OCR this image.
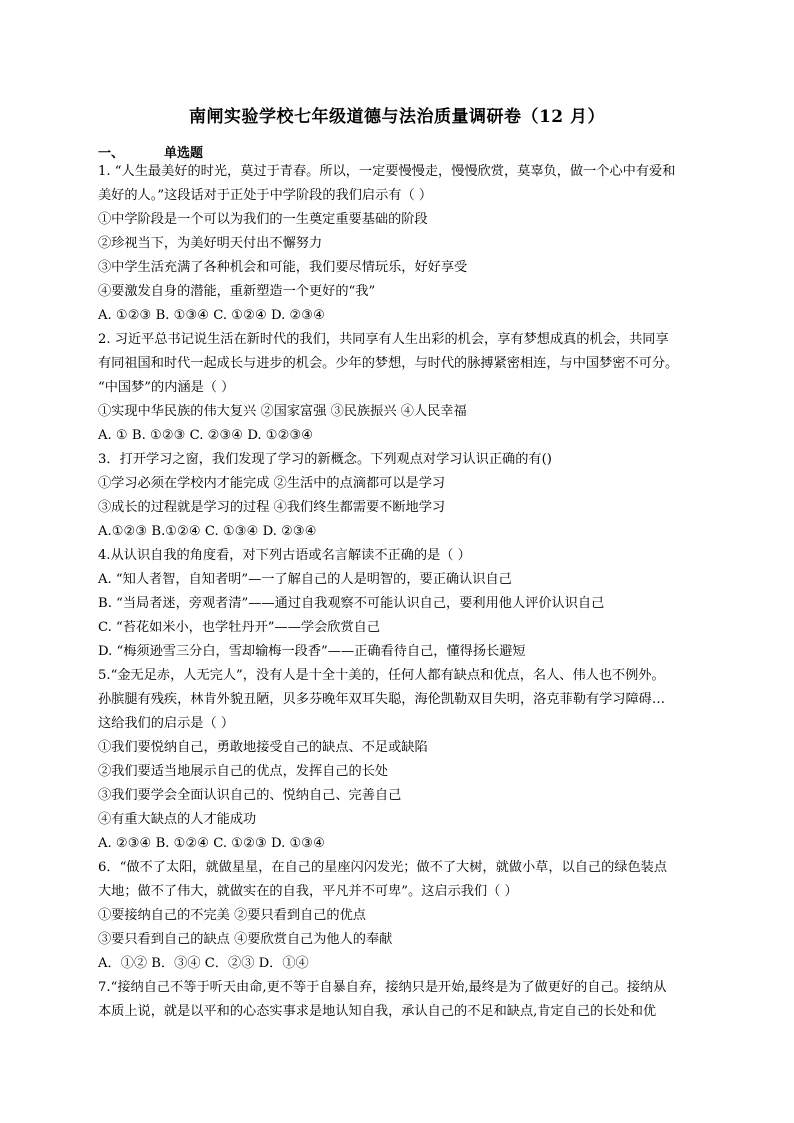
南闸实验学校七年级道德与法治质量调研卷（12 月）
一、	单选题
1. “人生最美好的时光，莫过于青春。所以，一定要慢慢走，慢慢欣赏，莫辜负，做一个心中有爱和
美好的人。”这段话对于正处于中学阶段的我们启示有（ ）
①中学阶段是一个可以为我们的一生奠定重要基础的阶段
②珍视当下，为美好明天付出不懈努力
③中学生活充满了各种机会和可能，我们要尽情玩乐，好好享受
④要激发自身的潜能，重新塑造一个更好的“我”
A. ①②③ B. ①③④ C. ①②④ D. ②③④
2. 习近平总书记说生活在新时代的我们，共同享有人生出彩的机会，享有梦想成真的机会，共同享
有同祖国和时代一起成长与进步的机会。少年的梦想，与时代的脉搏紧密相连，与中国梦密不可分。
“中国梦”的内涵是（ ）
①实现中华民族的伟大复兴 ②国家富强 ③民族振兴 ④人民幸福
A. ① B. ①②③ C. ②③④ D. ①②③④
3．打开学习之窗，我们发现了学习的新概念。下列观点对学习认识正确的有()
①学习必须在学校内才能完成 ②生活中的点滴都可以是学习
③成长的过程就是学习的过程 ④我们终生都需要不断地学习
A.①②③ B.①②④ C. ①③④ D. ②③④
4.从认识自我的角度看，对下列古语或名言解读不正确的是（ ）
A. “知人者智，自知者明”—一了解自己的人是明智的，要正确认识自己
B. “当局者迷，旁观者清”——通过自我观察不可能认识自己，要利用他人评价认识自己
C. “苔花如米小，也学牡丹开”——学会欣赏自己
D. “梅须逊雪三分白，雪却输梅一段香”——正确看待自己，懂得扬长避短
5.“金无足赤，人无完人”，没有人是十全十美的，任何人都有缺点和优点，名人、伟人也不例外。
孙膑腿有残疾，林肯外貌丑陋，贝多芬晚年双耳失聪，海伦凯勒双目失明，洛克菲勒有学习障碍…
这给我们的启示是（ ）
①我们要悦纳自己，勇敢地接受自己的缺点、不足或缺陷
②我们要适当地展示自己的优点，发挥自己的长处
③我们要学会全面认识自己的、悦纳自己、完善自己
④有重大缺点的人才能成功
A. ②③④ B. ①②④ C. ①②③ D. ①③④
6．“做不了太阳，就做星星，在自己的星座闪闪发光；做不了大树，就做小草，以自己的绿色装点
大地；做不了伟大，就做实在的自我，平凡并不可卑”。这启示我们（ ）
①要接纳自己的不完美 ②要只看到自己的优点
③要只看到自己的缺点 ④要欣赏自己为他人的奉献
A．①② B．③④ C．②③ D．①④
7.“接纳自己不等于听天由命,更不等于自暴自弃，接纳只是开始,最终是为了做更好的自己。接纳从
本质上说，就是以平和的心态实事求是地认知自我，承认自己的不足和缺点,肯定自己的长处和优
